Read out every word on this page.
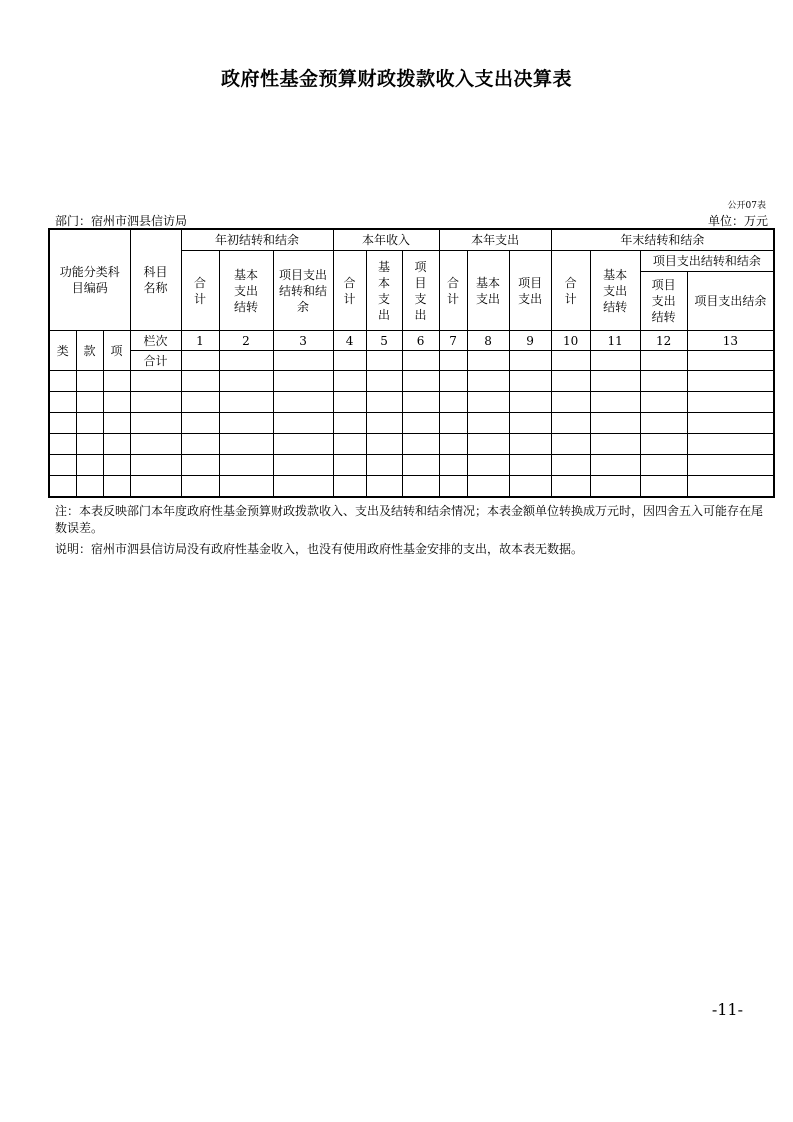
政府性基金预算财政拨款收入支出决算表
公开07表
部门：宿州市泗县信访局	单位：万元
功能分类科目编码			科目名称	年初结转和结余			本年收入			本年支出			年末结转和结余			
				合计	基本支出结转	项目支出结转和结余	合计	基本支出	项目支出	合计	基本支出	项目支出	合计	基本支出结转	项目支出结转和结余	
															项目支出结转	项目支出结余
类	款	项	栏次	1	2	3	4	5	6	7	8	9	10	11	12	13
			合计													

注：本表反映部门本年度政府性基金预算财政拨款收入、支出及结转和结余情况；本表金额单位转换成万元时，因四舍五入可能存在尾数误差。
说明：宿州市泗县信访局没有政府性基金收入，也没有使用政府性基金安排的支出，故本表无数据。
-11-
